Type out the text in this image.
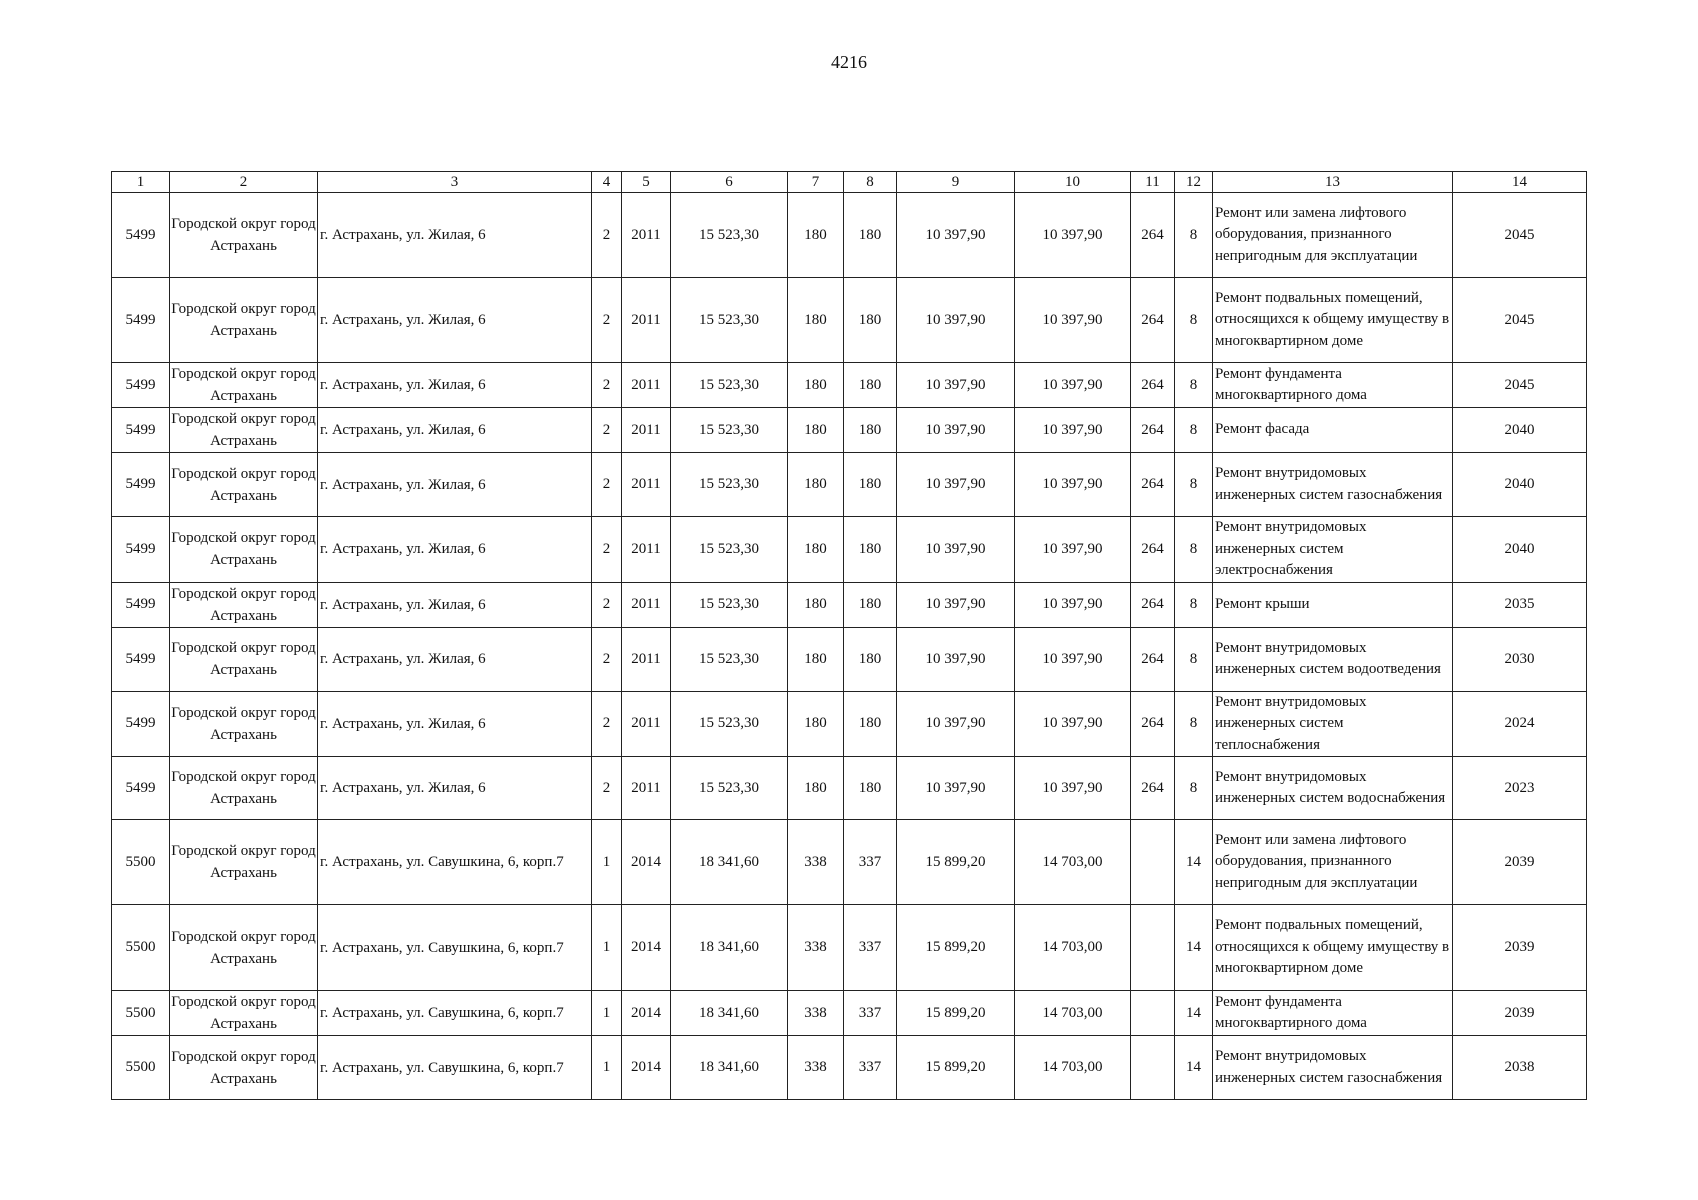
4216
1	2	3	4	5	6	7	8	9	10	11	12	13	14
5499	Городской округ город Астрахань	г. Астрахань, ул. Жилая, 6	2	2011	15 523,30	180	180	10 397,90	10 397,90	264	8	Ремонт или замена лифтового оборудования, признанного непригодным для эксплуатации	2045
5499	Городской округ город Астрахань	г. Астрахань, ул. Жилая, 6	2	2011	15 523,30	180	180	10 397,90	10 397,90	264	8	Ремонт подвальных помещений, относящихся к общему имуществу в многоквартирном доме	2045
5499	Городской округ город Астрахань	г. Астрахань, ул. Жилая, 6	2	2011	15 523,30	180	180	10 397,90	10 397,90	264	8	Ремонт фундамента многоквартирного дома	2045
5499	Городской округ город Астрахань	г. Астрахань, ул. Жилая, 6	2	2011	15 523,30	180	180	10 397,90	10 397,90	264	8	Ремонт фасада	2040
5499	Городской округ город Астрахань	г. Астрахань, ул. Жилая, 6	2	2011	15 523,30	180	180	10 397,90	10 397,90	264	8	Ремонт внутридомовых инженерных систем газоснабжения	2040
5499	Городской округ город Астрахань	г. Астрахань, ул. Жилая, 6	2	2011	15 523,30	180	180	10 397,90	10 397,90	264	8	Ремонт внутридомовых инженерных систем электроснабжения	2040
5499	Городской округ город Астрахань	г. Астрахань, ул. Жилая, 6	2	2011	15 523,30	180	180	10 397,90	10 397,90	264	8	Ремонт крыши	2035
5499	Городской округ город Астрахань	г. Астрахань, ул. Жилая, 6	2	2011	15 523,30	180	180	10 397,90	10 397,90	264	8	Ремонт внутридомовых инженерных систем водоотведения	2030
5499	Городской округ город Астрахань	г. Астрахань, ул. Жилая, 6	2	2011	15 523,30	180	180	10 397,90	10 397,90	264	8	Ремонт внутридомовых инженерных систем теплоснабжения	2024
5499	Городской округ город Астрахань	г. Астрахань, ул. Жилая, 6	2	2011	15 523,30	180	180	10 397,90	10 397,90	264	8	Ремонт внутридомовых инженерных систем водоснабжения	2023
5500	Городской округ город Астрахань	г. Астрахань, ул. Савушкина, 6, корп.7	1	2014	18 341,60	338	337	15 899,20	14 703,00		14	Ремонт или замена лифтового оборудования, признанного непригодным для эксплуатации	2039
5500	Городской округ город Астрахань	г. Астрахань, ул. Савушкина, 6, корп.7	1	2014	18 341,60	338	337	15 899,20	14 703,00		14	Ремонт подвальных помещений, относящихся к общему имуществу в многоквартирном доме	2039
5500	Городской округ город Астрахань	г. Астрахань, ул. Савушкина, 6, корп.7	1	2014	18 341,60	338	337	15 899,20	14 703,00		14	Ремонт фундамента многоквартирного дома	2039
5500	Городской округ город Астрахань	г. Астрахань, ул. Савушкина, 6, корп.7	1	2014	18 341,60	338	337	15 899,20	14 703,00		14	Ремонт внутридомовых инженерных систем газоснабжения	2038
